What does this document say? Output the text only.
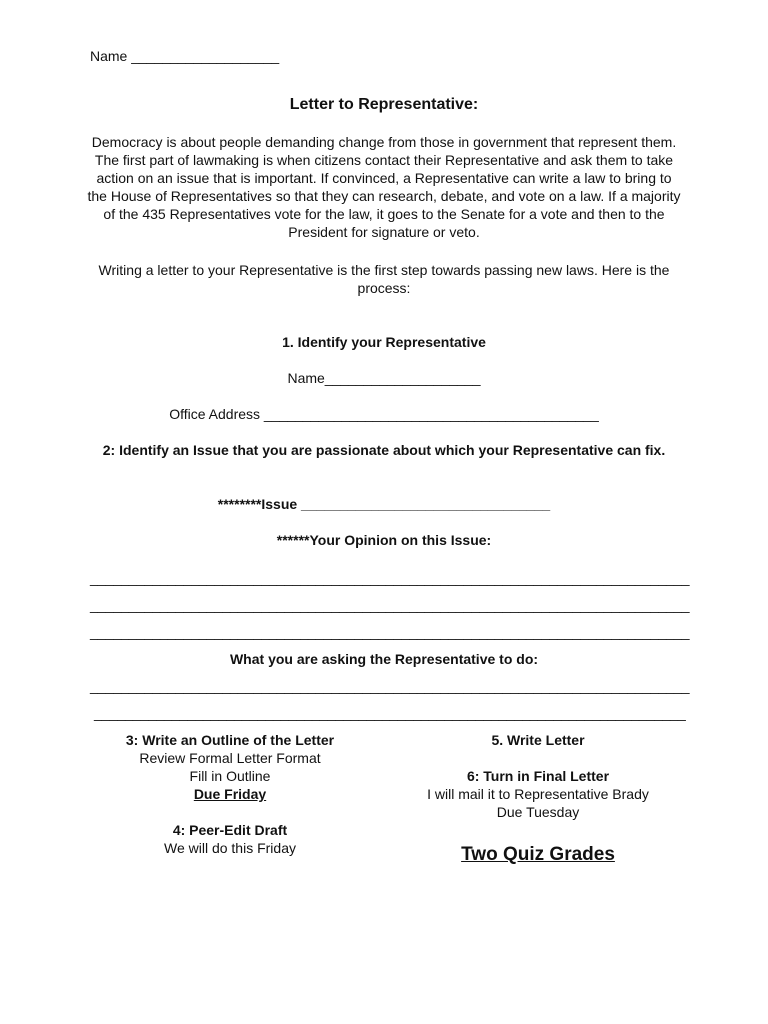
Name ___________________
Letter to Representative:
Democracy is about people demanding change from those in government that represent them. The first part of lawmaking is when citizens contact their Representative and ask them to take action on an issue that is important. If convinced, a Representative can write a law to bring to the House of Representatives so that they can research, debate, and vote on a law. If a majority of the 435 Representatives vote for the law, it goes to the Senate for a vote and then to the President for signature or veto.
Writing a letter to your Representative is the first step towards passing new laws. Here is the process:
1. Identify your Representative
Name____________________
Office Address ___________________________________________
2: Identify an Issue that you are passionate about which your Representative can fix.
********Issue ________________________________
******Your Opinion on this Issue:
_____________________________________________________________________________
_____________________________________________________________________________
_____________________________________________________________________________
What you are asking the Representative to do:
_____________________________________________________________________________
____________________________________________________________________________
3: Write an Outline of the Letter
Review Formal Letter Format
Fill in Outline
Due Friday
4: Peer-Edit Draft
We will do this Friday
5. Write Letter
6: Turn in Final Letter
I will mail it to Representative Brady
Due Tuesday
Two Quiz Grades
